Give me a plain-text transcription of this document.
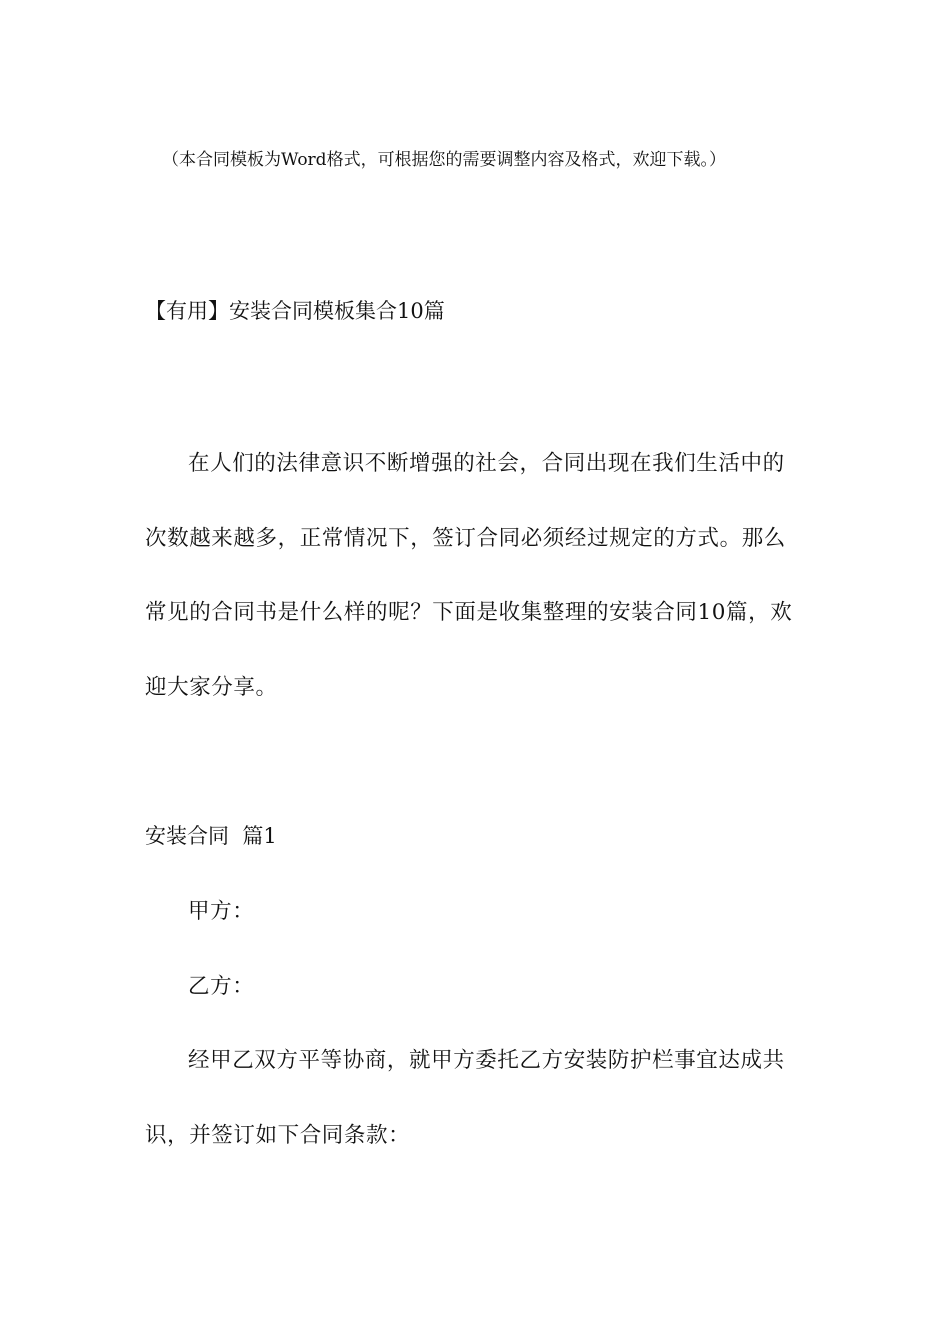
（本合同模板为Word格式，可根据您的需要调整内容及格式，欢迎下载。）

【有用】安装合同模板集合10篇

在人们的法律意识不断增强的社会，合同出现在我们生活中的

次数越来越多，正常情况下，签订合同必须经过规定的方式。那么

常见的合同书是什么样的呢？下面是收集整理的安装合同10篇，欢

迎大家分享。

安装合同  篇1

甲方：

乙方：

经甲乙双方平等协商，就甲方委托乙方安装防护栏事宜达成共

识，并签订如下合同条款：
